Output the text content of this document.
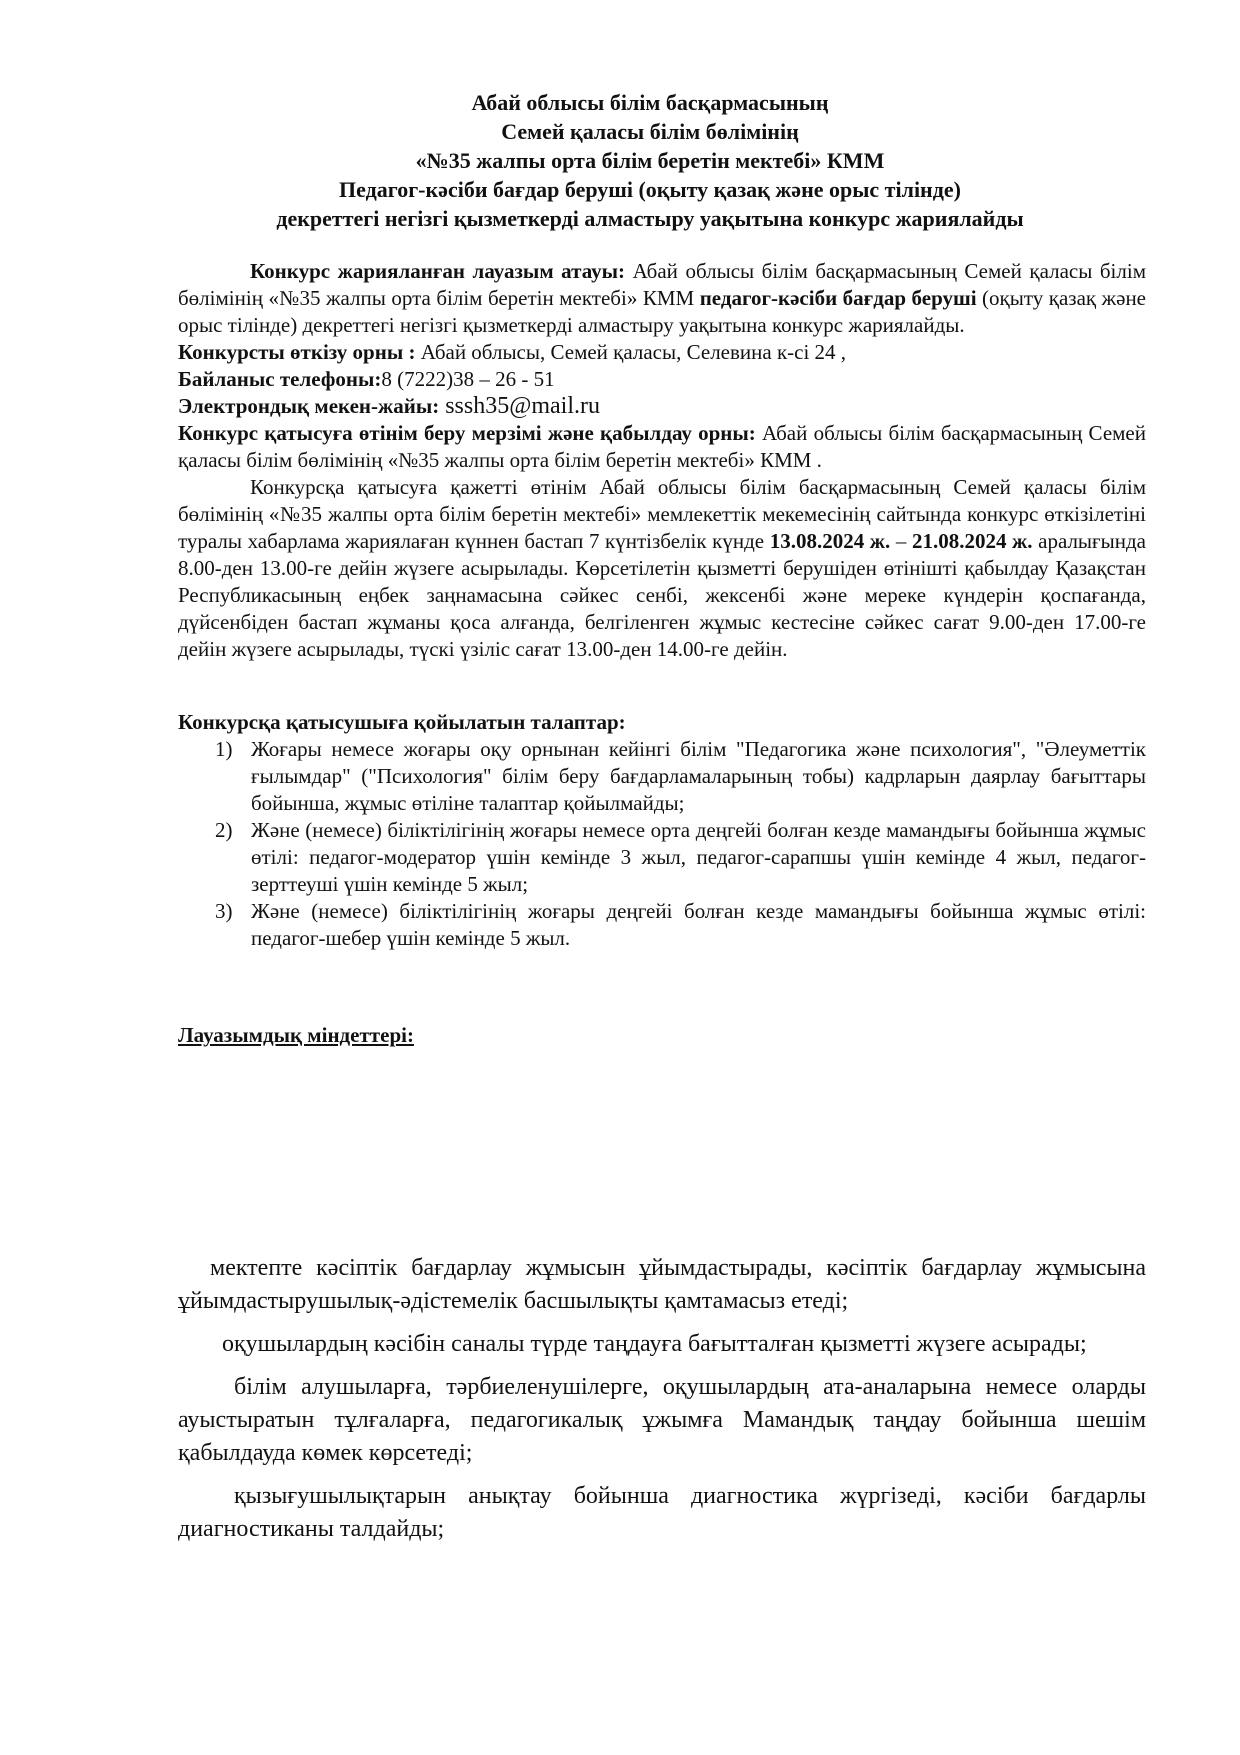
Абай облысы білім басқармасының
Семей қаласы білім бөлімінің
«№35 жалпы орта білім беретін мектебі» КММ
Педагог-кәсіби бағдар беруші (оқыту қазақ және орыс тілінде)
декреттегі негізгі қызметкерді алмастыру уақытына конкурс жариялайды

Конкурс жарияланған лауазым атауы: Абай облысы білім басқармасының Семей қаласы білім бөлімінің «№35 жалпы орта білім беретін мектебі» КММ педагог-кәсіби бағдар беруші (оқыту қазақ және орыс тілінде) декреттегі негізгі қызметкерді алмастыру уақытына конкурс жариялайды.

Конкурсты өткізу орны : Абай облысы, Семей қаласы, Селевина к-сі 24 ,

Байланыс телефоны:8 (7222)38 – 26 - 51

Электрондық мекен-жайы: sssh35@mail.ru

Конкурс қатысуға өтінім беру мерзімі және қабылдау орны: Абай облысы білім басқармасының Семей қаласы білім бөлімінің «№35 жалпы орта білім беретін мектебі» КММ .

Конкурсқа қатысуға қажетті өтінім Абай облысы білім басқармасының Семей қаласы білім бөлімінің «№35 жалпы орта білім беретін мектебі» мемлекеттік мекемесінің сайтында конкурс өткізілетіні туралы хабарлама жариялаған күннен бастап 7 күнтізбелік күнде 13.08.2024 ж. – 21.08.2024 ж. аралығында 8.00-ден 13.00-ге дейін жүзеге асырылады. Көрсетілетін қызметті берушіден өтінішті қабылдау Қазақстан Республикасының еңбек заңнамасына сәйкес сенбі, жексенбі және мереке күндерін қоспағанда, дүйсенбіден бастап жұманы қоса алғанда, белгіленген жұмыс кестесіне сәйкес сағат 9.00-ден 17.00-ге дейін жүзеге асырылады, түскі үзіліс сағат 13.00-ден 14.00-ге дейін.

Конкурсқа қатысушыға қойылатын талаптар:

1) Жоғары немесе жоғары оқу орнынан кейінгі білім "Педагогика және психология", "Әлеуметтік ғылымдар" ("Психология" білім беру бағдарламаларының тобы) кадрларын даярлау бағыттары бойынша, жұмыс өтіліне талаптар қойылмайды;
2) Және (немесе) біліктілігінің жоғары немесе орта деңгейі болған кезде мамандығы бойынша жұмыс өтілі: педагог-модератор үшін кемінде 3 жыл, педагог-сарапшы үшін кемінде 4 жыл, педагог-зерттеуші үшін кемінде 5 жыл;
3) Және (немесе) біліктілігінің жоғары деңгейі болған кезде мамандығы бойынша жұмыс өтілі: педагог-шебер үшін кемінде 5 жыл.

Лауазымдық міндеттері:

мектепте кәсіптік бағдарлау жұмысын ұйымдастырады, кәсіптік бағдарлау жұмысына ұйымдастырушылық-әдістемелік басшылықты қамтамасыз етеді;

оқушылардың кәсібін саналы түрде таңдауға бағытталған қызметті жүзеге асырады;

білім алушыларға, тәрбиеленушілерге, оқушылардың ата-аналарына немесе оларды ауыстыратын тұлғаларға, педагогикалық ұжымға Мамандық таңдау бойынша шешім қабылдауда көмек көрсетеді;

қызығушылықтарын анықтау бойынша диагностика жүргізеді, кәсіби бағдарлы диагностиканы талдайды;
